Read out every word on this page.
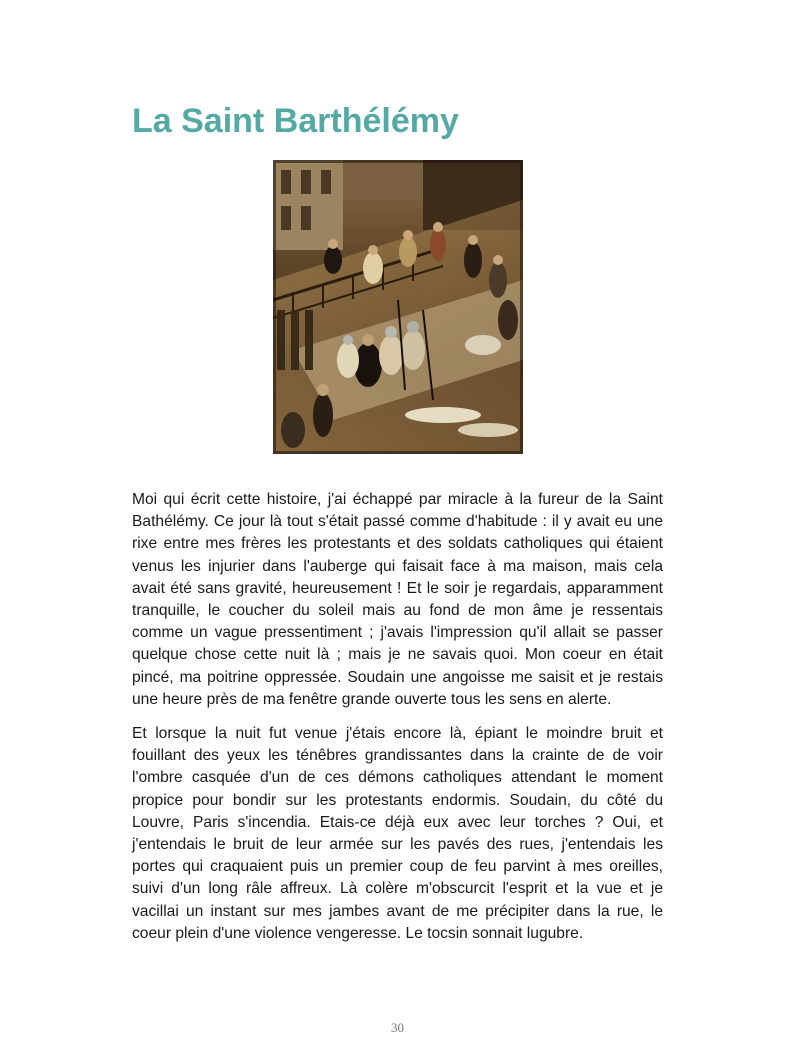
La Saint Barthélémy

Moi qui écrit cette histoire, j'ai échappé par miracle à la fureur de la Saint Bathélémy. Ce jour là tout s'était passé comme d'habitude : il y avait eu une rixe entre mes frères les protestants et des soldats catholiques qui étaient venus les injurier dans l'auberge qui faisait face à ma maison, mais cela avait été sans gravité, heureusement ! Et le soir je regardais, apparamment tranquille, le coucher du soleil mais au fond de mon âme je ressentais comme un vague pressentiment ; j'avais l'impression qu'il allait se passer quelque chose cette nuit là ; mais je ne savais quoi. Mon coeur en était pincé, ma poitrine oppressée. Soudain une angoisse me saisit et je restais une heure près de ma fenêtre grande ouverte tous les sens en alerte.

Et lorsque la nuit fut venue j'étais encore là, épiant le moindre bruit et fouillant des yeux les ténêbres grandissantes dans la crainte de de voir l'ombre casquée d'un de ces démons catholiques attendant le moment propice pour bondir sur les protestants endormis. Soudain, du côté du Louvre, Paris s'incendia. Etais-ce déjà eux avec leur torches ? Oui, et j'entendais le bruit de leur armée sur les pavés des rues, j'entendais les portes qui craquaient puis un premier coup de feu parvint à mes oreilles, suivi d'un long râle affreux. Là colère m'obscurcit l'esprit et la vue et je vacillai un instant sur mes jambes avant de me précipiter dans la rue, le coeur plein d'une violence vengeresse. Le tocsin sonnait lugubre.

30
